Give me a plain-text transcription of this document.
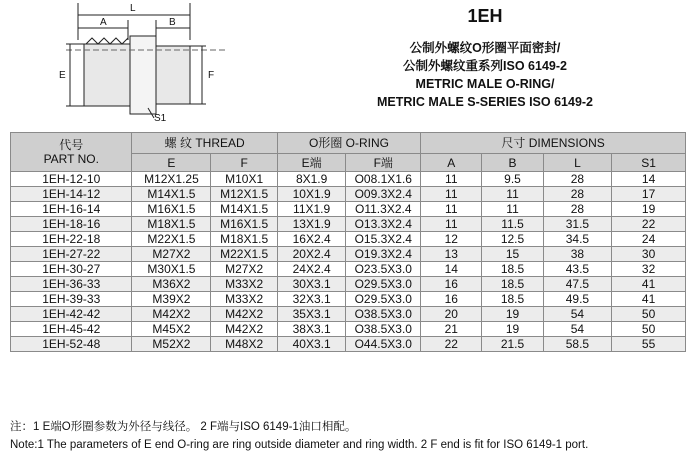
L
A	B
E	F
S1
1EH
公制外螺纹O形圈平面密封/
公制外螺纹重系列ISO 6149-2
METRIC MALE O-RING/
METRIC MALE S-SERIES ISO 6149-2
代号
PART NO.	螺 纹 THREAD		O形圈 O-RING		尺寸 DIMENSIONS			
	E	F	E端	F端	A	B	L	S1
1EH-12-10	M12X1.25	M10X1	8X1.9	O08.1X1.6	11	9.5	28	14
1EH-14-12	M14X1.5	M12X1.5	10X1.9	O09.3X2.4	11	11	28	17
1EH-16-14	M16X1.5	M14X1.5	11X1.9	O11.3X2.4	11	11	28	19
1EH-18-16	M18X1.5	M16X1.5	13X1.9	O13.3X2.4	11	11.5	31.5	22
1EH-22-18	M22X1.5	M18X1.5	16X2.4	O15.3X2.4	12	12.5	34.5	24
1EH-27-22	M27X2	M22X1.5	20X2.4	O19.3X2.4	13	15	38	30
1EH-30-27	M30X1.5	M27X2	24X2.4	O23.5X3.0	14	18.5	43.5	32
1EH-36-33	M36X2	M33X2	30X3.1	O29.5X3.0	16	18.5	47.5	41
1EH-39-33	M39X2	M33X2	32X3.1	O29.5X3.0	16	18.5	49.5	41
1EH-42-42	M42X2	M42X2	35X3.1	O38.5X3.0	20	19	54	50
1EH-45-42	M45X2	M42X2	38X3.1	O38.5X3.0	21	19	54	50
1EH-52-48	M52X2	M48X2	40X3.1	O44.5X3.0	22	21.5	58.5	55
注：1 E端O形圈参数为外径与线径。 2 F端与ISO 6149-1油口相配。
Note:1 The parameters of E end O-ring are ring outside diameter and ring width. 2 F end is fit for ISO 6149-1 port.
